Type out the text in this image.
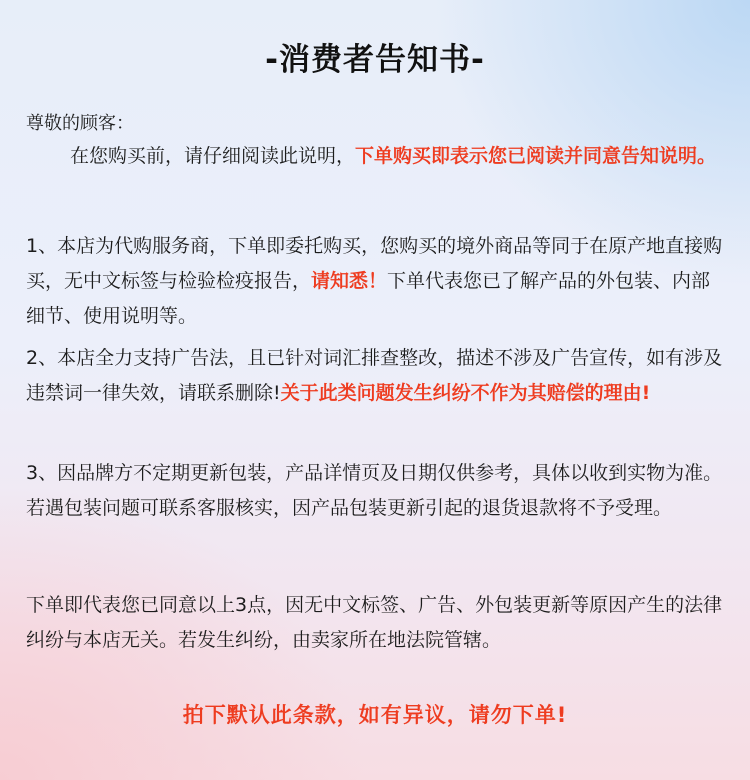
-消费者告知书-
尊敬的顾客：
在您购买前，请仔细阅读此说明，下单购买即表示您已阅读并同意告知说明。
1、本店为代购服务商，下单即委托购买，您购买的境外商品等同于在原产地直接购买，无中文标签与检验检疫报告，请知悉！下单代表您已了解产品的外包装、内部细节、使用说明等。
2、本店全力支持广告法，且已针对词汇排查整改，描述不涉及广告宣传，如有涉及违禁词一律失效，请联系删除!关于此类问题发生纠纷不作为其赔偿的理由!
3、因品牌方不定期更新包装，产品详情页及日期仅供参考，具体以收到实物为准。若遇包装问题可联系客服核实，因产品包装更新引起的退货退款将不予受理。
下单即代表您已同意以上3点，因无中文标签、广告、外包装更新等原因产生的法律纠纷与本店无关。若发生纠纷，由卖家所在地法院管辖。
拍下默认此条款，如有异议，请勿下单!
